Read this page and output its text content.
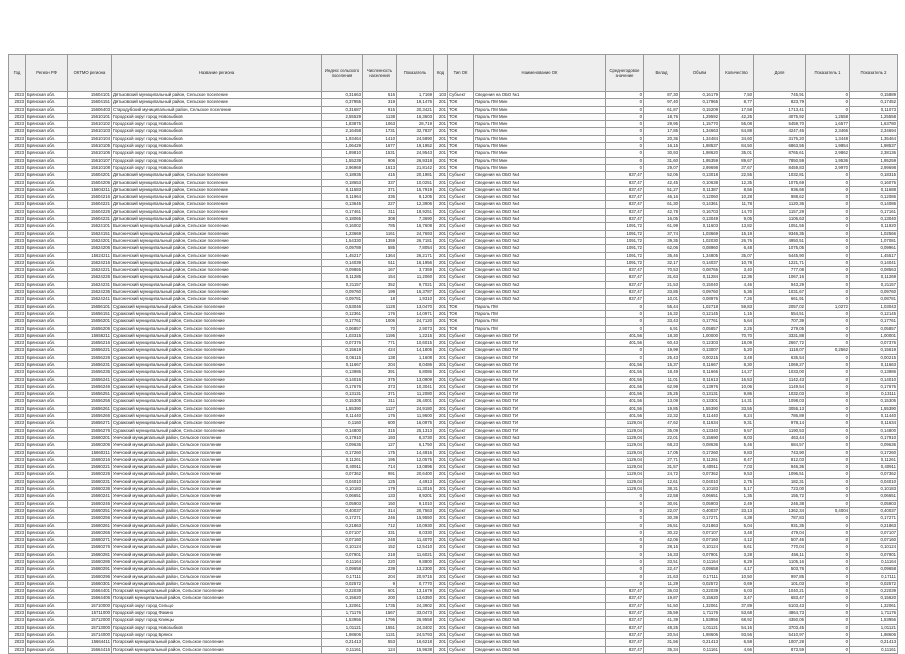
Год	Регион РФ	ОКТМО региона	Название региона	Индекс сельского поселения	Численность населения	Показатель	Код	Тип ОК	Наименование ОК	Среднегодовое значение	Вклад	Объём	Количество	Доля	Показатель 1	Показатель 2
2023	Брянская обл.	15604101	Дятьковский муниципальный район, Сельское поселение	0,31663	516	1,7169	103	Субъект	Сведения на ОБО №1	0	87,30	0,16179	7,50	745,91	0	0,15889
2023	Брянская обл.	15604151	Дятьковский муниципальный район, Сельское поселение	0,37955	319	19,1476	201	ТОК	Пароль ПМ Мин	0	97,40	0,17965	8,77	823,79	0	0,17452
2023	Брянская обл.	15606403	Стародубский муниципальный район, Сельское поселение	0,31687	915	20,3421	201	ТОК	Пароль ПМ Мин	0	61,87	0,15209	17,58	1713,41	0	0,11073
2023	Брянская обл.	15610101	Городской округ город Новозыбков	2,55529	1138	16,3603	201	ТОК	Пароль ПМ Мин	0	18,76	1,29592	42,25	4075,92	1,2558	1,25558
2023	Брянская обл.	15610102	Городской округ город Новозыбков	1,83875	1063	28,719	201	ТОК	Пароль ПМ Мин	0	29,95	1,15770	55,08	5459,70	1,6577	1,63780
2023	Брянская обл.	15610103	Городской округ город Новозыбков	2,16458	1731	32,7837	201	ТОК	Пароль ПМ Мин	0	17,85	1,34663	64,88	4247,46	2,3466	2,34694
2023	Брянская обл.	15610104	Городской округ город Новозыбков	1,93464	1410	24,5890	201	ТОК	Пароль ПМ Мин	0	20,36	1,34484	34,60	3176,20	1,3448	1,35464
2023	Брянская обл.	15610105	Городской округ город Новозыбков	1,06429	1677	19,1952	201	ТОК	Пароль ПМ Мин	0	16,15	1,98537	84,50	6863,55	1,9854	1,98537
2023	Брянская обл.	15610106	Городской округ город Новозыбков	1,89810	1531	24,9543	201	ТОК	Пароль ПМ Мин	0	30,93	1,98620	35,01	8765,61	2,9862	2,38136
2023	Брянская обл.	15610107	Городской округ город Новозыбков	1,55239	906	26,9318	201	ТОК	Пароль ПМ Мин	0	31,60	1,95359	89,67	7850,59	1,9536	1,95259
2023	Брянская обл.	15610108	Городской округ город Новозыбков	2,96969	1613	21,8142	201	ТОК	Пароль ПМ Мин	0	29,07	2,99698	37,67	8459,83	2,9970	2,99698
2023	Брянская обл.	15604201	Дятьковский муниципальный район, Сельское поселение	0,18935	415	20,1981	201	Субъект	Сведения на ОБО №4	837,47	52,06	0,13018	22,55	1032,81	0	0,18315
2023	Брянская обл.	15604206	Дятьковский муниципальный район, Сельское поселение	0,18653	337	10,0251	201	Субъект	Сведения на ОБО №4	837,47	42,45	0,10638	12,35	1075,69	0	0,16076
2023	Брянская обл.	15604211	Дятьковский муниципальный район, Сельское поселение	0,11583	371	15,7919	201	Субъект	Сведения на ОБО №4	837,47	51,27	0,11387	8,56	936,66	0	0,11688
2023	Брянская обл.	15604216	Дятьковский муниципальный район, Сельское поселение	0,11964	336	8,1205	201	Субъект	Сведения на ОБО №4	837,47	46,16	0,12060	10,28	988,62	0	0,12086
2023	Брянская обл.	15604221	Дятьковский муниципальный район, Сельское поселение	0,13645	227	12,3906	201	Субъект	Сведения на ОБО №4	837,47	61,30	0,14361	11,78	1120,36	0	0,14086
2023	Брянская обл.	15604226	Дятьковский муниципальный район, Сельское поселение	0,17461	311	18,9251	201	Субъект	Сведения на ОБО №4	837,47	42,78	0,16703	14,70	1157,29	0	0,17161
2023	Брянская обл.	15604231	Дятьковский муниципальный район, Сельское поселение	0,18065	308	7,3690	201	Субъект	Сведения на ОБО №4	837,47	16,05	0,13049	9,05	1106,63	0	0,13040
2023	Брянская обл.	15624101	Выгоничский муниципальный район, Сельское поселение	0,16002	785	16,7608	201	Субъект	Сведения на ОБО №2	1091,72	61,99	0,11603	13,82	1051,55	0	0,11920
2023	Брянская обл.	15624151	Выгоничский муниципальный район, Сельское поселение	1,23669	1161	24,7693	201	Субъект	Сведения на ОБО №2	1091,72	37,74	1,03669	15,19	9346,35	0	1,02566
2023	Брянская обл.	15624201	Выгоничский муниципальный район, Сельское поселение	1,54330	1359	26,7181	201	Субъект	Сведения на ОБО №2	1091,72	39,35	1,02030	26,76	4950,51	0	1,07081
2023	Брянская обл.	15624206	Выгоничский муниципальный район, Сельское поселение	0,09789	585	7,8054	201	Субъект	Сведения на ОБО №2	1091,72	62,06	0,08960	6,48	1075,05	0	0,09961
2023	Брянская обл.	15624211	Выгоничский муниципальный район, Сельское поселение	1,45217	1364	26,2171	201	Субъект	Сведения на ОБО №2	1091,72	35,46	1,34805	35,07	5445,90	0	1,45517
2023	Брянская обл.	15624216	Выгоничский муниципальный район, Сельское поселение	0,14039	511	16,1956	201	Субъект	Сведения на ОБО №2	1091,72	32,17	0,14037	10,78	1221,71	0	0,14041
2023	Брянская обл.	15624221	Выгоничский муниципальный район, Сельское поселение	0,09865	167	3,7359	201	Субъект	Сведения на ОБО №2	837,47	70,53	0,08765	3,40	777,08	0	0,08563
2023	Брянская обл.	15624226	Выгоничский муниципальный район, Сельское поселение	0,11285	154	11,2060	201	Субъект	Сведения на ОБО №2	837,47	31,63	0,11284	12,36	1067,16	0	0,11269
2023	Брянская обл.	15624231	Выгоничский муниципальный район, Сельское поселение	0,21157	352	9,7021	201	Субъект	Сведения на ОБО №2	837,47	21,53	0,15040	4,46	943,29	0	0,21157
2023	Брянская обл.	15624236	Выгоничский муниципальный район, Сельское поселение	0,09760	199	16,3787	201	Субъект	Сведения на ОБО №2	837,47	33,85	0,09760	5,36	1031,67	0	0,09760
2023	Брянская обл.	15624241	Выгоничский муниципальный район, Сельское поселение	0,09781	18	1,9310	201	Субъект	Сведения на ОБО №2	837,47	10,01	0,08976	7,26	661,91	0	0,08781
2023	Брянская обл.	15656101	Суражский муниципальный район, Сельское поселение	0,53046	1128	13,0470	201	ТОК	Пароль ПМ	0	55,44	1,02718	59,83	2057,02	1,0272	1,03043
2023	Брянская обл.	15656151	Суражский муниципальный район, Сельское поселение	0,12361	176	14,0971	201	ТОК	Пароль ПМ	0	16,32	0,12145	1,15	554,51	0	0,12145
2023	Брянская обл.	15656201	Суражский муниципальный район, Сельское поселение	0,17761	1006	24,7120	201	ТОК	Пароль ПМ	0	33,43	0,17761	5,64	707,39	0	0,17761
2023	Брянская обл.	15656206	Суражский муниципальный район, Сельское поселение	0,06857	70	2,9073	201	ТОК	Пароль ПМ	0	6,91	0,05857	2,25	279,05	0	0,05857
2023	Брянская обл.	15656211	Суражский муниципальный район, Сельское поселение	1,03315	1195	1,2215	201	Субъект	Сведения на ОБО ТИ	401,56	18,30	1,00000	70,70	3331,88	0	1,00001
2023	Брянская обл.	15656216	Суражский муниципальный район, Сельское поселение	0,07376	771	10,6015	201	Субъект	Сведения на ОБО ТИ	401,56	60,43	0,12303	18,09	2667,72	0	0,07376
2023	Брянская обл.	15656221	Суражский муниципальный район, Сельское поселение	0,15619	424	14,1805	201	Субъект	Сведения на ОБО ТИ	0	19,99	0,13007	5,20	1118,07	0,2562	0,15619
2023	Брянская обл.	15656226	Суражский муниципальный район, Сельское поселение	0,06115	138	1,1608	201	Субъект	Сведения на ОБО ТИ	0	25,43	0,00215	3,48	635,54	0	0,00215
2023	Брянская обл.	15656231	Суражский муниципальный район, Сельское поселение	0,11667	204	8,0486	201	Субъект	Сведения на ОБО ТИ	401,56	15,37	0,11667	8,30	1069,27	0	0,11663
2023	Брянская обл.	15656236	Суражский муниципальный район, Сельское поселение	0,13986	391	6,8086	201	Субъект	Сведения на ОБО ТИ	401,56	18,49	0,11666	14,27	1033,00	0	0,13986
2023	Брянская обл.	15656241	Суражский муниципальный район, Сельское поселение	0,14016	375	13,0909	201	Субъект	Сведения на ОБО ТИ	401,56	11,01	0,11613	16,53	1142,43	0	0,14010
2023	Брянская обл.	15656246	Суражский муниципальный район, Сельское поселение	0,17676	373	10,3041	201	Субъект	Сведения на ОБО ТИ	401,56	62,99	0,13976	10,06	1149,54	0	0,17676
2023	Брянская обл.	15656251	Суражский муниципальный район, Сельское поселение	0,13131	371	11,2080	201	Субъект	Сведения на ОБО ТИ	401,56	25,25	0,13131	9,86	1032,03	0	0,13111
2023	Брянская обл.	15656256	Суражский муниципальный район, Сельское поселение	0,15305	311	26,4001	201	Субъект	Сведения на ОБО ТИ	401,56	13,09	0,13301	14,31	1098,03	0	0,15305
2023	Брянская обл.	15656261	Суражский муниципальный район, Сельское поселение	1,55390	1127	24,9180	201	Субъект	Сведения на ОБО ТИ	401,56	19,85	1,55390	33,55	3055,13	0	1,55390
2023	Брянская обл.	15656266	Суражский муниципальный район, Сельское поселение	0,11440	176	11,9600	201	Субъект	Сведения на ОБО ТИ	401,56	22,32	0,11440	8,24	786,89	0	0,11440
2023	Брянская обл.	15656271	Суражский муниципальный район, Сельское поселение	0,1160	600	16,0975	201	Субъект	Сведения на ОБО ТИ	1129,04	47,62	0,11634	9,31	978,14	0	0,11634
2023	Брянская обл.	15656276	Суражский муниципальный район, Сельское поселение	0,14800	315	25,1313	201	Субъект	Сведения на ОБО ТИ	1129,04	35,09	0,13340	9,57	1190,53	0	0,14800
2023	Брянская обл.	15660201	Унечский муниципальный район, Сельское поселение	0,17910	193	8,3730	201	Субъект	Сведения на ОБО №3	1129,04	22,01	0,15690	8,03	463,44	0	0,17910
2023	Брянская обл.	15660206	Унечский муниципальный район, Сельское поселение	0,09636	127	6,1750	201	Субъект	Сведения на ОБО №3	1129,04	68,23	0,08636	5,46	684,57	0	0,09636
2023	Брянская обл.	15660211	Унечский муниципальный район, Сельское поселение	0,17260	175	14,4916	201	Субъект	Сведения на ОБО №3	1129,04	17,05	0,17260	9,83	743,90	0	0,17260
2023	Брянская обл.	15660216	Унечский муниципальный район, Сельское поселение	0,11261	195	12,0575	201	Субъект	Сведения на ОБО №3	1129,04	27,71	0,11261	8,47	812,03	0	0,11261
2023	Брянская обл.	15660221	Унечский муниципальный район, Сельское поселение	0,40911	714	13,0895	201	Субъект	Сведения на ОБО №3	1129,04	31,57	0,40911	7,03	946,36	0	0,40911
2023	Брянская обл.	15660226	Унечский муниципальный район, Сельское поселение	0,07362	991	20,6400	201	Субъект	Сведения на ОБО №3	1129,04	24,72	0,07362	9,53	1096,51	0	0,07362
2023	Брянская обл.	15660231	Унечский муниципальный район, Сельское поселение	0,04010	125	4,4913	201	Субъект	Сведения на ОБО №3	1129,04	12,61	0,04010	2,75	182,31	0	0,04010
2023	Брянская обл.	15660236	Унечский муниципальный район, Сельское поселение	0,10183	179	11,3016	201	Субъект	Сведения на ОБО №3	1129,04	38,31	0,10183	5,17	723,00	0	0,10183
2023	Брянская обл.	15660241	Унечский муниципальный район, Сельское поселение	0,06651	133	8,9201	201	Субъект	Сведения на ОБО №3	0	22,58	0,06651	1,35	155,72	0	0,06651
2023	Брянская обл.	15660246	Унечский муниципальный район, Сельское поселение	0,05903	150	9,1010	201	Субъект	Сведения на ОБО №3	0	30,91	0,05903	2,49	246,38	0	0,05903
2023	Брянская обл.	15660251	Унечский муниципальный район, Сельское поселение	0,40037	314	20,7563	201	Субъект	Сведения на ОБО №3	0	22,07	0,40037	33,13	1362,34	0,4004	0,40037
2023	Брянская обл.	15660256	Унечский муниципальный район, Сельское поселение	0,17271	246	15,9550	201	Субъект	Сведения на ОБО №3	0	30,39	0,17271	4,38	787,83	0	0,17271
2023	Брянская обл.	15660261	Унечский муниципальный район, Сельское поселение	0,21863	712	10,0930	201	Субъект	Сведения на ОБО №3	0	26,51	0,21863	5,04	931,35	0	0,21863
2023	Брянская обл.	15660266	Унечский муниципальный район, Сельское поселение	0,07107	331	8,0330	201	Субъект	Сведения на ОБО №3	0	30,22	0,07107	3,48	479,04	0	0,07107
2023	Брянская обл.	15660271	Унечский муниципальный район, Сельское поселение	0,07160	248	11,4070	201	Субъект	Сведения на ОБО №3	0	42,06	0,07160	4,12	507,46	0	0,07160
2023	Брянская обл.	15660276	Унечский муниципальный район, Сельское поселение	0,10124	152	12,5410	201	Субъект	Сведения на ОБО №3	0	28,15	0,10124	6,61	770,04	0	0,10124
2023	Брянская обл.	15660281	Унечский муниципальный район, Сельское поселение	0,07901	218	11,6021	201	Субъект	Сведения на ОБО №3	0	16,33	0,07901	3,28	466,11	0	0,07901
2023	Брянская обл.	15660286	Унечский муниципальный район, Сельское поселение	0,11164	220	9,8800	201	Субъект	Сведения на ОБО №3	0	33,51	0,11164	8,29	1105,16	0	0,11164
2023	Брянская обл.	15660291	Унечский муниципальный район, Сельское поселение	0,09658	239	13,2300	201	Субъект	Сведения на ОБО №3	0	22,47	0,09658	4,17	503,76	0	0,09658
2023	Брянская обл.	15660296	Унечский муниципальный район, Сельское поселение	0,17111	204	20,9715	201	Субъект	Сведения на ОБО №3	0	21,63	0,17111	10,50	997,85	0	0,17111
2023	Брянская обл.	15660301	Унечский муниципальный район, Сельское поселение	0,02572	9	0,7770	201	Субъект	Сведения на ОБО №3	0	11,29	0,02572	0,69	101,03	0	0,02572
2023	Брянская обл.	15664401	Погарский муниципальный район, Сельское поселение	0,22039	601	13,1679	201	Субъект	Сведения на ОБО №5	837,47	36,03	0,22039	6,03	1040,21	0	0,22039
2023	Брянская обл.	15664406	Погарский муниципальный район, Сельское поселение	0,15620	200	13,6350	201	Субъект	Сведения на ОБО №5	837,47	19,87	0,15620	3,47	683,47	0	0,15620
2023	Брянская обл.	15710000	Городской округ город Сельцо	1,32061	1735	24,3902	201	Субъект	Сведения на ОБО №5	837,47	51,50	1,32061	37,89	5103,43	0	1,32061
2023	Брянская обл.	15711000	Городской округ город Фокино	1,71176	1567	33,0473	201	Субъект	Сведения на ОБО №5	837,47	35,59	1,71176	53,68	4864,73	0	1,71176
2023	Брянская обл.	15712000	Городской округ город Клинцы	1,53956	1796	26,9558	201	Субъект	Сведения на ОБО №5	837,47	41,39	1,53956	68,92	4350,05	0	1,53956
2023	Брянская обл.	15713000	Городской округ город Новозыбков	1,01121	1551	24,3402	201	Субъект	Сведения на ОБО №5	837,47	48,25	1,01121	54,16	3703,45	0	1,01121
2023	Брянская обл.	15714000	Городской округ город Брянск	1,98606	1131	24,5793	201	Субъект	Сведения на ОБО №5	837,47	20,54	1,98606	93,56	5410,97	0	1,98606
2023	Брянская обл.	15664411	Погарский муниципальный район, Сельское поселение	0,21413	553	16,6218	201	Субъект	Сведения на ОБО №5	837,47	31,56	0,21413	6,58	1007,28	0	0,21413
2023	Брянская обл.	15664416	Погарский муниципальный район, Сельское поселение	0,11161	124	15,9638	201	Субъект	Сведения на ОБО №5	837,47	35,34	0,11161	4,66	873,59	0	0,11161
